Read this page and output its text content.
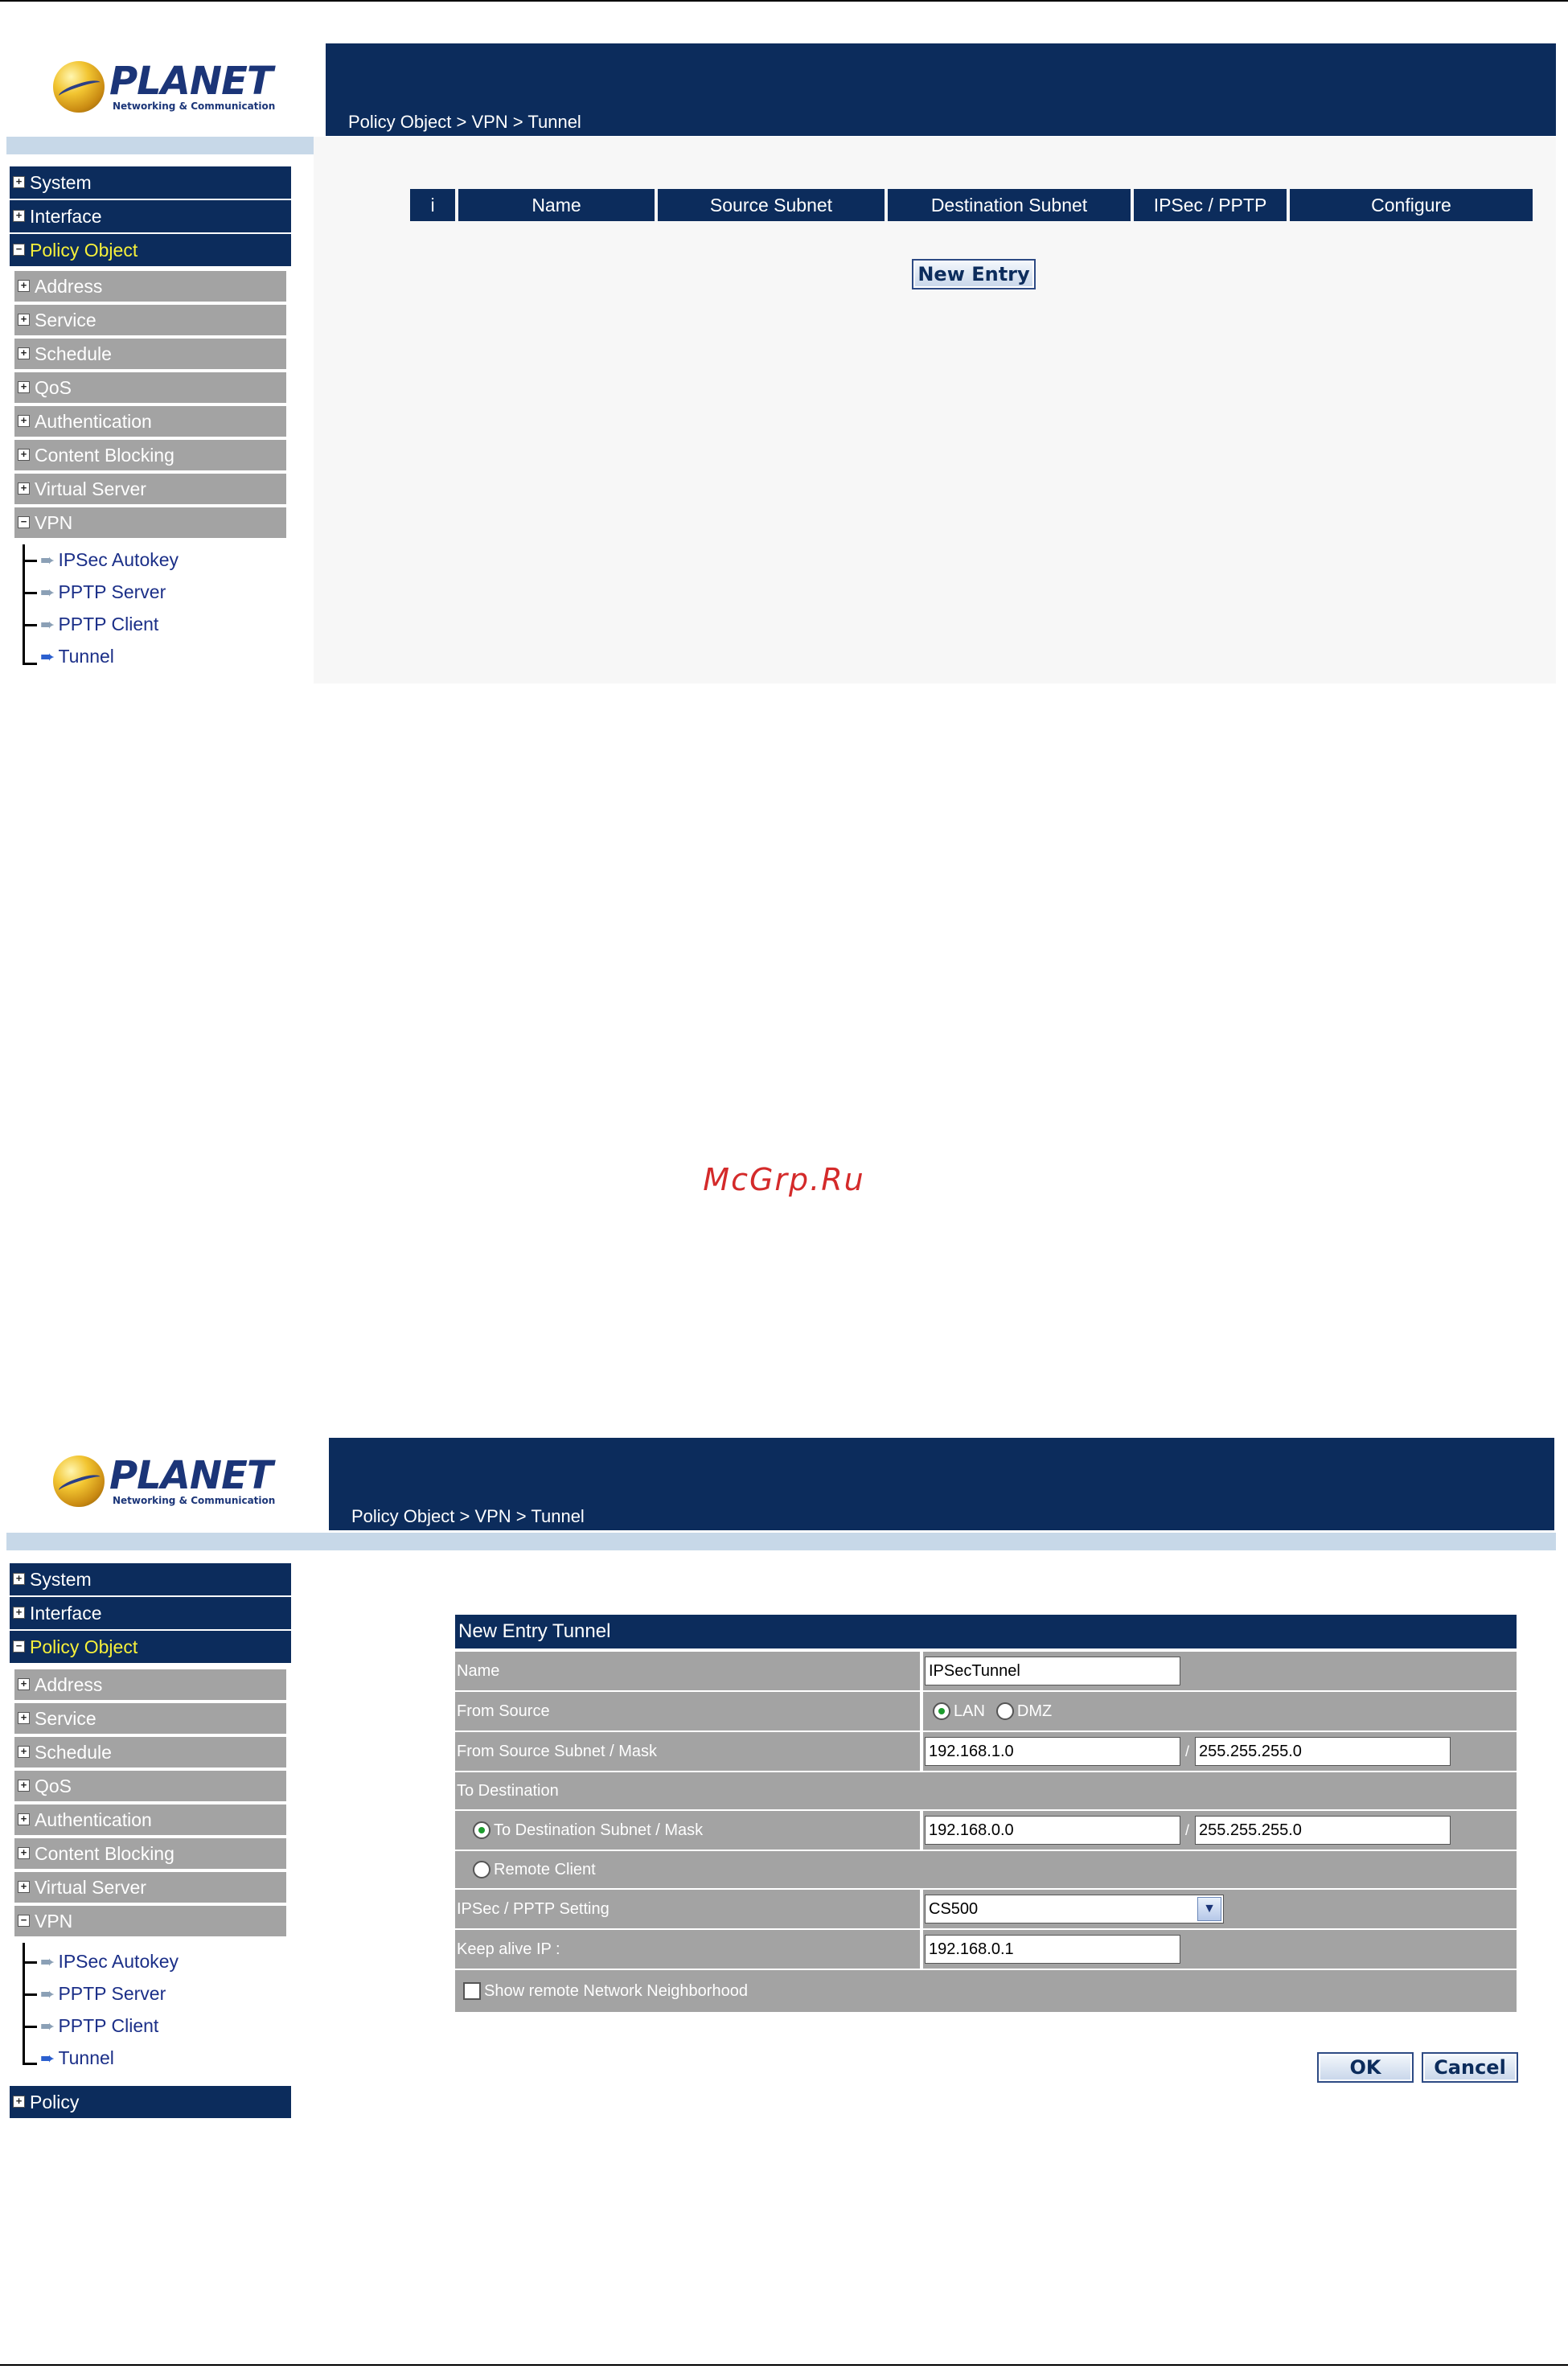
PLANET
Networking & Communication
Policy Object > VPN > Tunnel
+ System
+ Interface
− Policy Object
+ Address
+ Service
+ Schedule
+ QoS
+ Authentication
+ Content Blocking
+ Virtual Server
− VPN
➨ IPSec Autokey
➨ PPTP Server
➨ PPTP Client
➨ Tunnel
i	Name	Source Subnet	Destination Subnet	IPSec / PPTP	Configure
New Entry
McGrp.Ru
PLANET
Networking & Communication
Policy Object > VPN > Tunnel
+ System
+ Interface
− Policy Object
+ Address
+ Service
+ Schedule
+ QoS
+ Authentication
+ Content Blocking
+ Virtual Server
− VPN
➨ IPSec Autokey
➨ PPTP Server
➨ PPTP Client
➨ Tunnel
+ Policy
New Entry Tunnel
Name	IPSecTunnel
From Source	LAN DMZ
From Source Subnet / Mask	192.168.1.0	/ 255.255.255.0
To Destination
To Destination Subnet / Mask	192.168.0.0	/ 255.255.255.0
Remote Client
IPSec / PPTP Setting	CS500	▼
Keep alive IP :	192.168.0.1
Show remote Network Neighborhood
OK	Cancel
